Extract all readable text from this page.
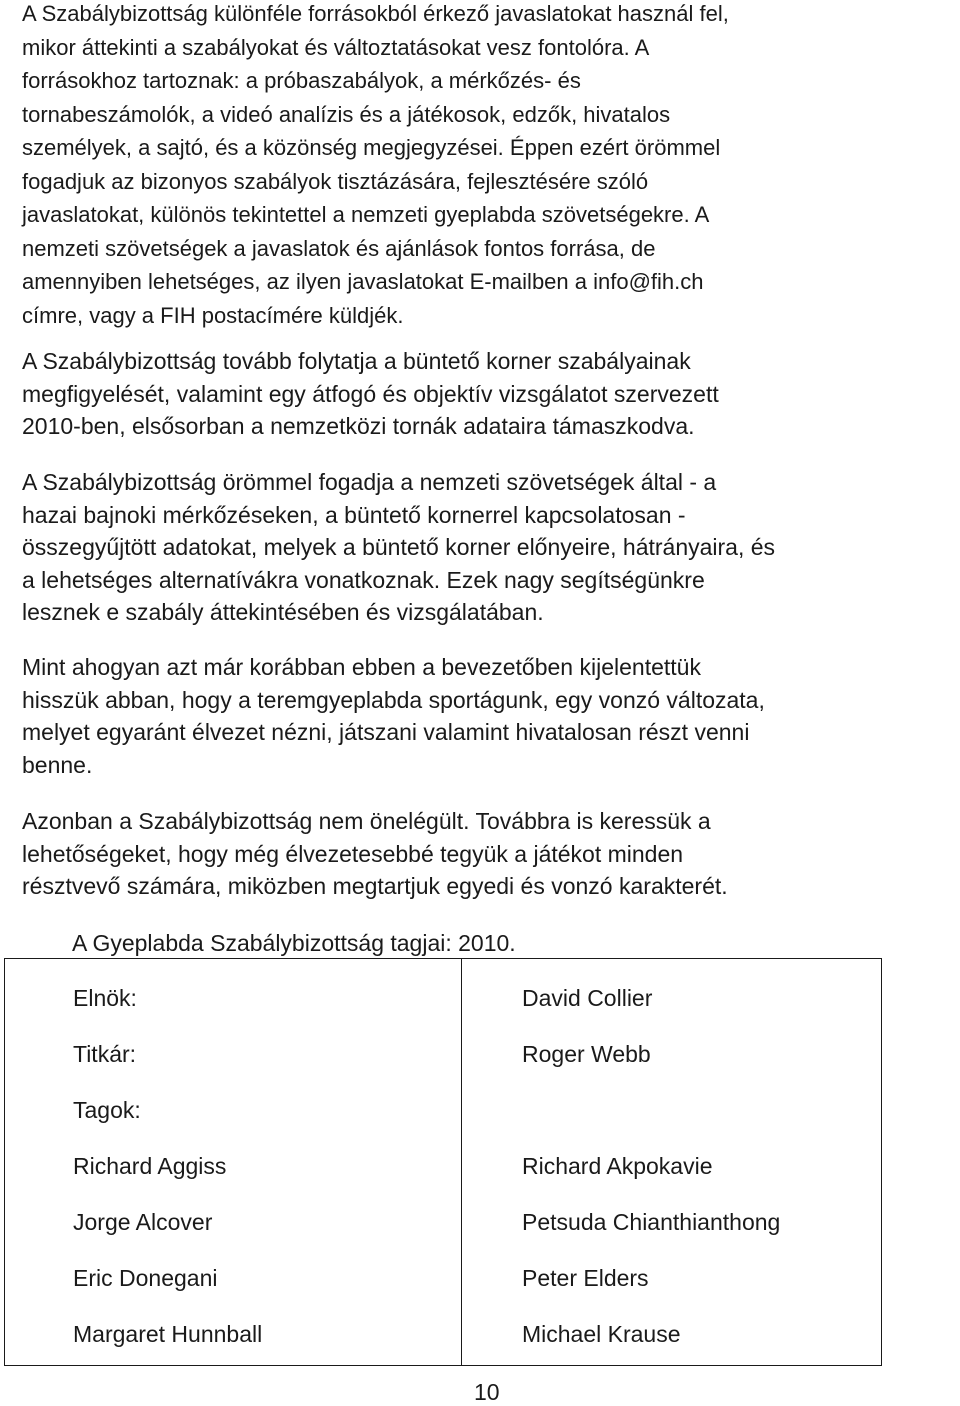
A Szabálybizottság különféle forrásokból érkező javaslatokat használ fel,
mikor áttekinti a szabályokat és változtatásokat vesz fontolóra. A
forrásokhoz tartoznak: a próbaszabályok, a mérkőzés- és
tornabeszámolók, a videó analízis és a játékosok, edzők, hivatalos
személyek, a sajtó, és a közönség megjegyzései. Éppen ezért örömmel
fogadjuk az bizonyos szabályok tisztázására, fejlesztésére szóló
javaslatokat, különös tekintettel a nemzeti gyeplabda szövetségekre. A
nemzeti szövetségek a javaslatok és ajánlások fontos forrása, de
amennyiben lehetséges, az ilyen javaslatokat E-mailben a info@fih.ch
címre, vagy a FIH postacímére küldjék.

A Szabálybizottság tovább folytatja a büntető korner szabályainak
megfigyelését, valamint egy átfogó és objektív vizsgálatot szervezett
2010-ben, elsősorban a nemzetközi tornák adataira támaszkodva.

A Szabálybizottság örömmel fogadja a nemzeti szövetségek által - a
hazai bajnoki mérkőzéseken, a büntető kornerrel kapcsolatosan -
összegyűjtött adatokat, melyek a büntető korner előnyeire, hátrányaira, és
a lehetséges alternatívákra vonatkoznak. Ezek nagy segítségünkre
lesznek e szabály áttekintésében és vizsgálatában.

Mint ahogyan azt már korábban ebben a bevezetőben kijelentettük
hisszük abban, hogy a teremgyeplabda sportágunk, egy vonzó változata,
melyet egyaránt élvezet nézni, játszani valamint hivatalosan részt venni
benne.

Azonban a Szabálybizottság nem önelégült. Továbbra is keressük a
lehetőségeket, hogy még élvezetesebbé tegyük a játékot minden
résztvevő számára, miközben megtartjuk egyedi és vonzó karakterét.

A Gyeplabda Szabálybizottság tagjai: 2010.

Elnök:	David Collier
Titkár:	Roger Webb
Tagok:
Richard Aggiss	Richard Akpokavie
Jorge Alcover	Petsuda Chianthianthong
Eric Donegani	Peter Elders
Margaret Hunnball	Michael Krause
10
